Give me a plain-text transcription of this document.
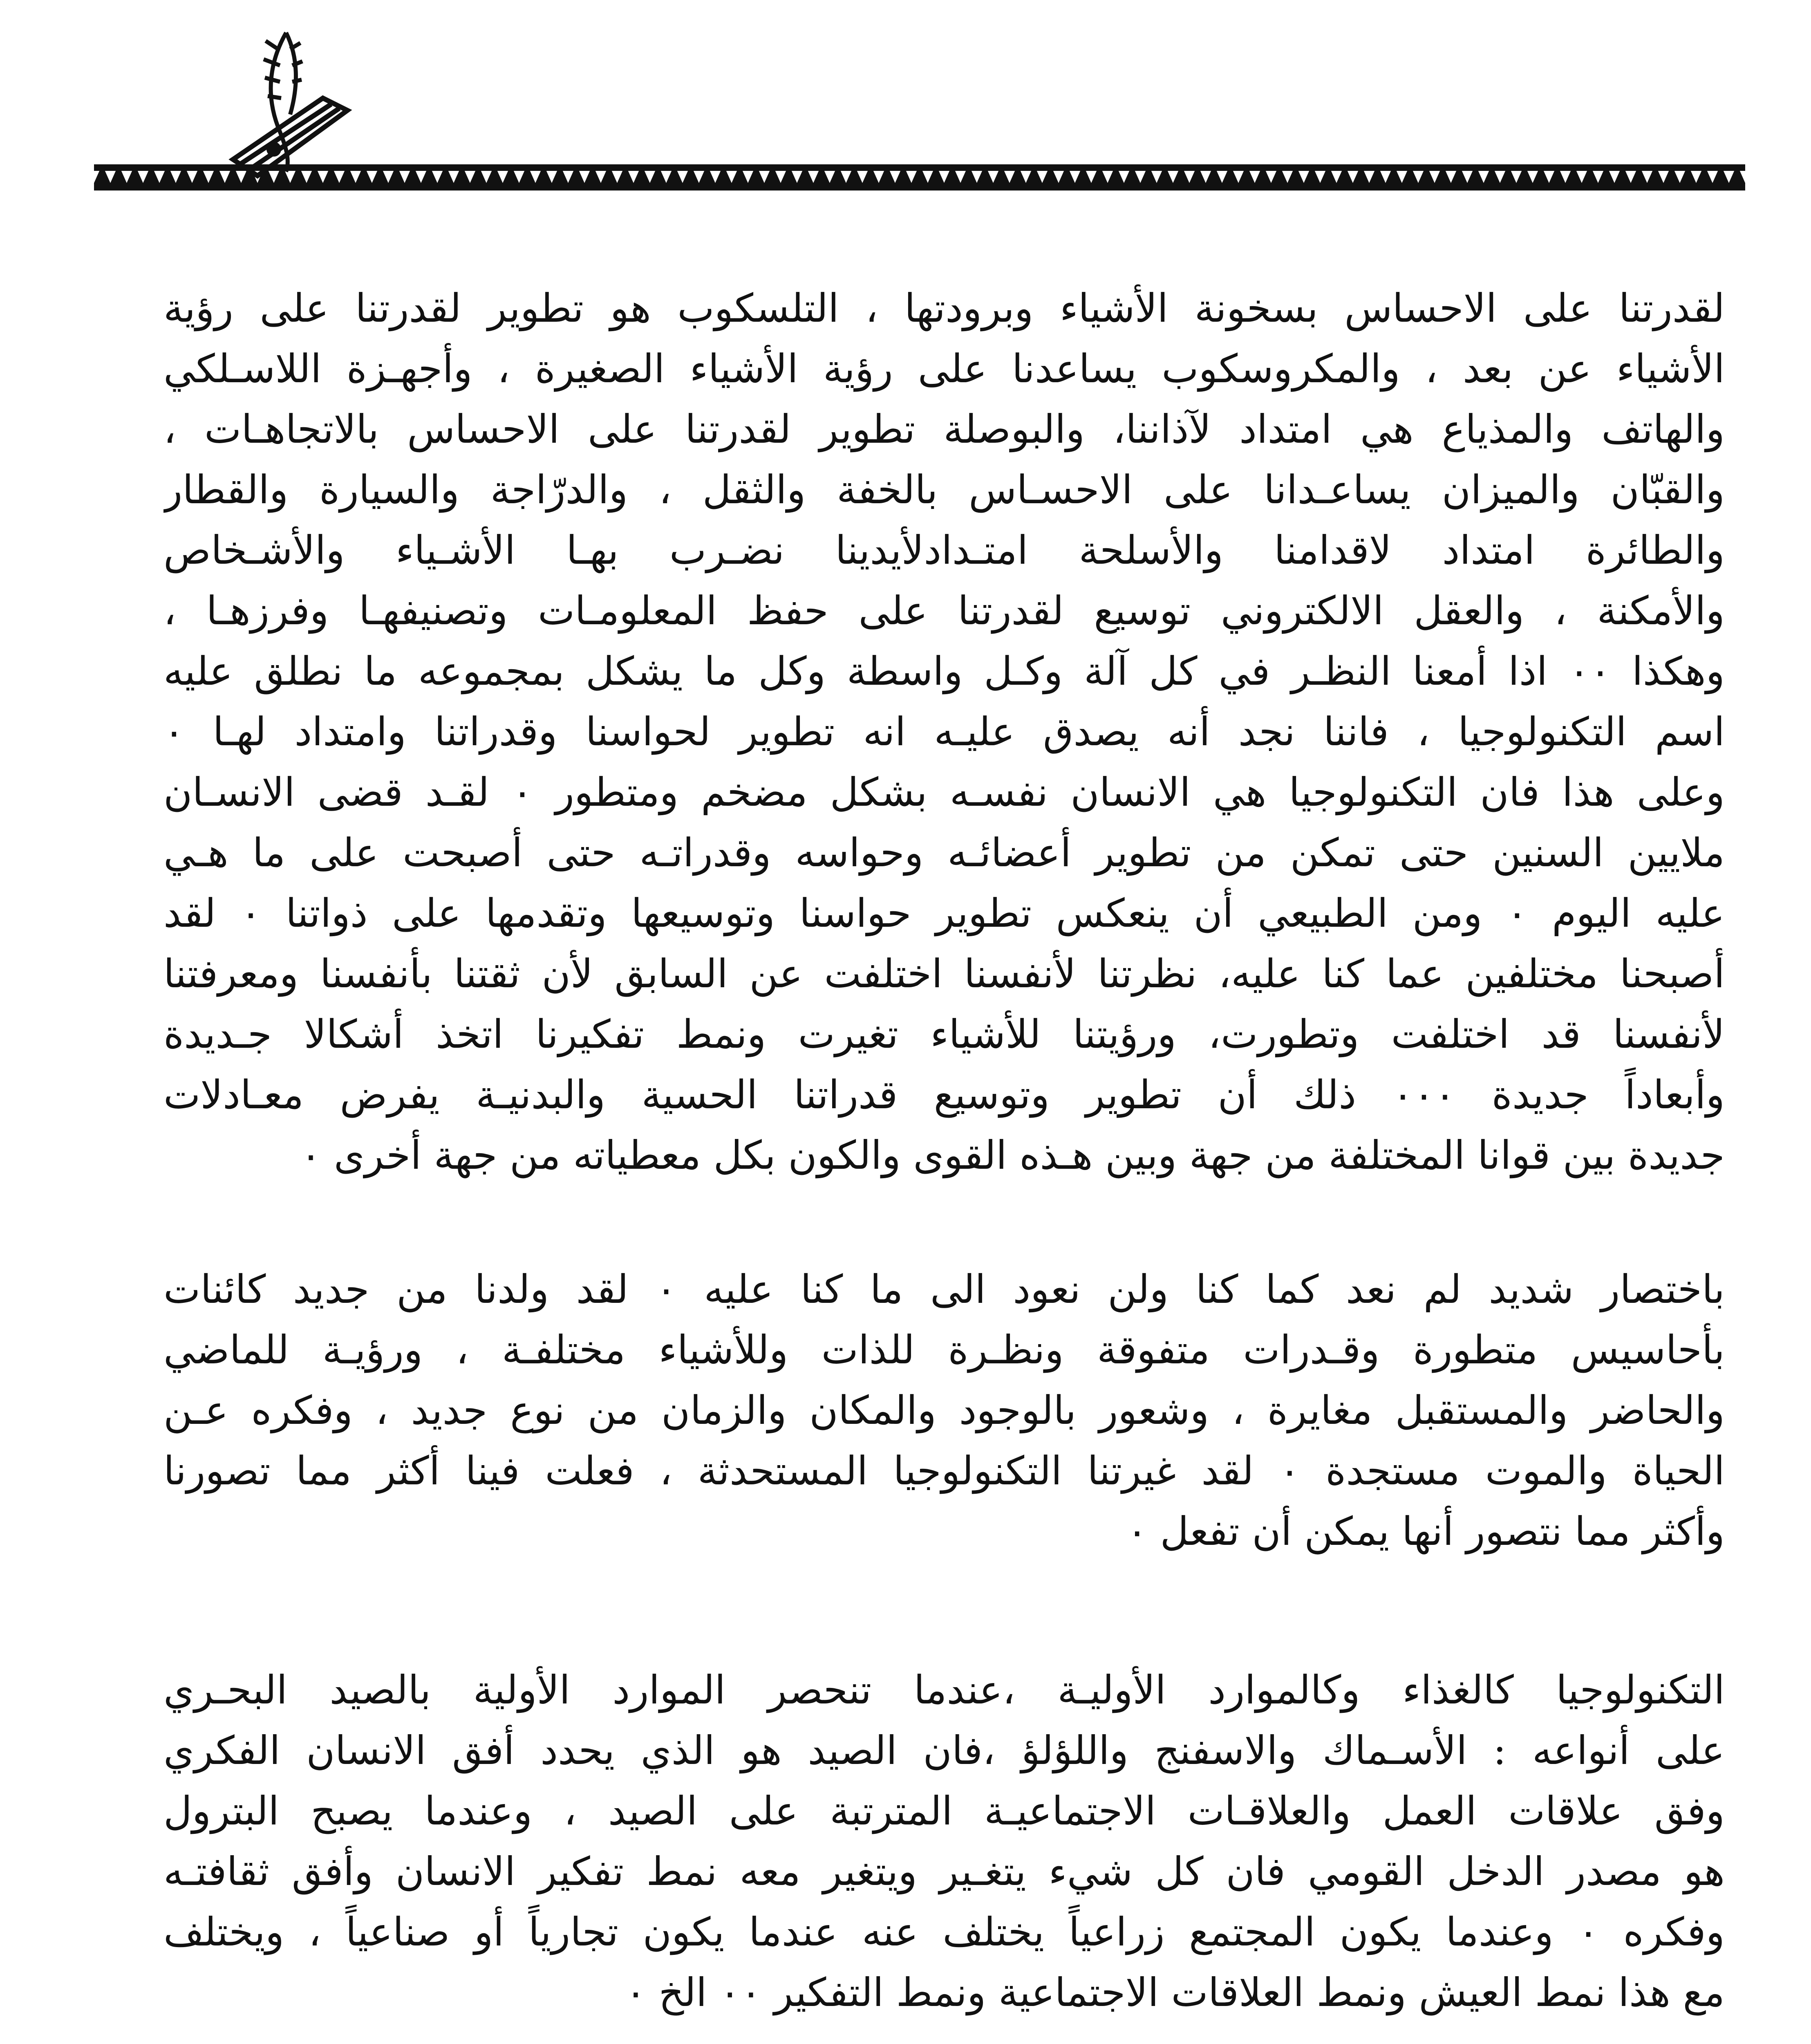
لقدرتنا على الاحساس بسخونة الأشياء وبرودتها ، التلسكوب هو تطوير لقدرتنا على رؤية
الأشياء عن بعد ، والمكروسكوب يساعدنا على رؤية الأشياء الصغيرة ، وأجهـزة اللاسـلكي
والهاتف والمذياع هي امتداد لآذاننا، والبوصلة تطوير لقدرتنا على الاحساس بالاتجاهـات ،
والقبّان والميزان يساعـدانا على الاحسـاس بالخفة والثقل ، والدرّاجة والسيارة والقطار
والطائرة امتداد لاقدامنا والأسلحة امتـدادلأيدينا نضـرب بهـا الأشـياء والأشـخاص
والأمكنة ، والعقل الالكتروني توسيع لقدرتنا على حفظ المعلومـات وتصنيفهـا وفرزهـا ،
وهكذا ٠٠ اذا أمعنا النظـر في كل آلة وكـل واسطة وكل ما يشكل بمجموعه ما نطلق عليه
اسم التكنولوجيا ، فاننا نجد أنه يصدق عليـه انه تطوير لحواسنا وقدراتنا وامتداد لهـا ٠
وعلى هذا فان التكنولوجيا هي الانسان نفسـه بشكل مضخم ومتطور ٠ لقـد قضى الانسـان
ملايين السنين حتى تمكن من تطوير أعضائـه وحواسه وقدراتـه حتى أصبحت على ما هـي
عليه اليوم ٠ ومن الطبيعي أن ينعكس تطوير حواسنا وتوسيعها وتقدمها على ذواتنا ٠ لقد
أصبحنا مختلفين عما كنا عليه، نظرتنا لأنفسنا اختلفت عن السابق لأن ثقتنا بأنفسنا ومعرفتنا
لأنفسنا قد اختلفت وتطورت، ورؤيتنا للأشياء تغيرت ونمط تفكيرنا اتخذ أشكالا جـديدة
وأبعاداً جديدة ٠٠٠ ذلك أن تطوير وتوسيع قدراتنا الحسية والبدنيـة يفرض معـادلات
جديدة بين قوانا المختلفة من جهة وبين هـذه القوى والكون بكل معطياته من جهة أخرى ٠
باختصار شديد لم نعد كما كنا ولن نعود الى ما كنا عليه ٠ لقد ولدنا من جديد كائنات
بأحاسيس متطورة وقـدرات متفوقة ونظـرة للذات وللأشياء مختلفـة ، ورؤيـة للماضي
والحاضر والمستقبل مغايرة ، وشعور بالوجود والمكان والزمان من نوع جديد ، وفكره عـن
الحياة والموت مستجدة ٠ لقد غيرتنا التكنولوجيا المستحدثة ، فعلت فينا أكثر مما تصورنا
وأكثر مما نتصور أنها يمكن أن تفعل ٠
التكنولوجيا كالغذاء وكالموارد الأوليـة ،عندما تنحصر الموارد الأولية بالصيد البحـري
على أنواعه : الأسـماك والاسفنج واللؤلؤ ،فان الصيد هو الذي يحدد أفق الانسان الفكري
وفق علاقات العمل والعلاقـات الاجتماعيـة المترتبة على الصيد ، وعندما يصبح البترول
هو مصدر الدخل القومي فان كل شيء يتغـير ويتغير معه نمط تفكير الانسان وأفق ثقافتـه
وفكره ٠ وعندما يكون المجتمع زراعياً يختلف عنه عندما يكون تجارياً أو صناعياً ، ويختلف
مع هذا نمط العيش ونمط العلاقات الاجتماعية ونمط التفكير ٠٠ الخ ٠
